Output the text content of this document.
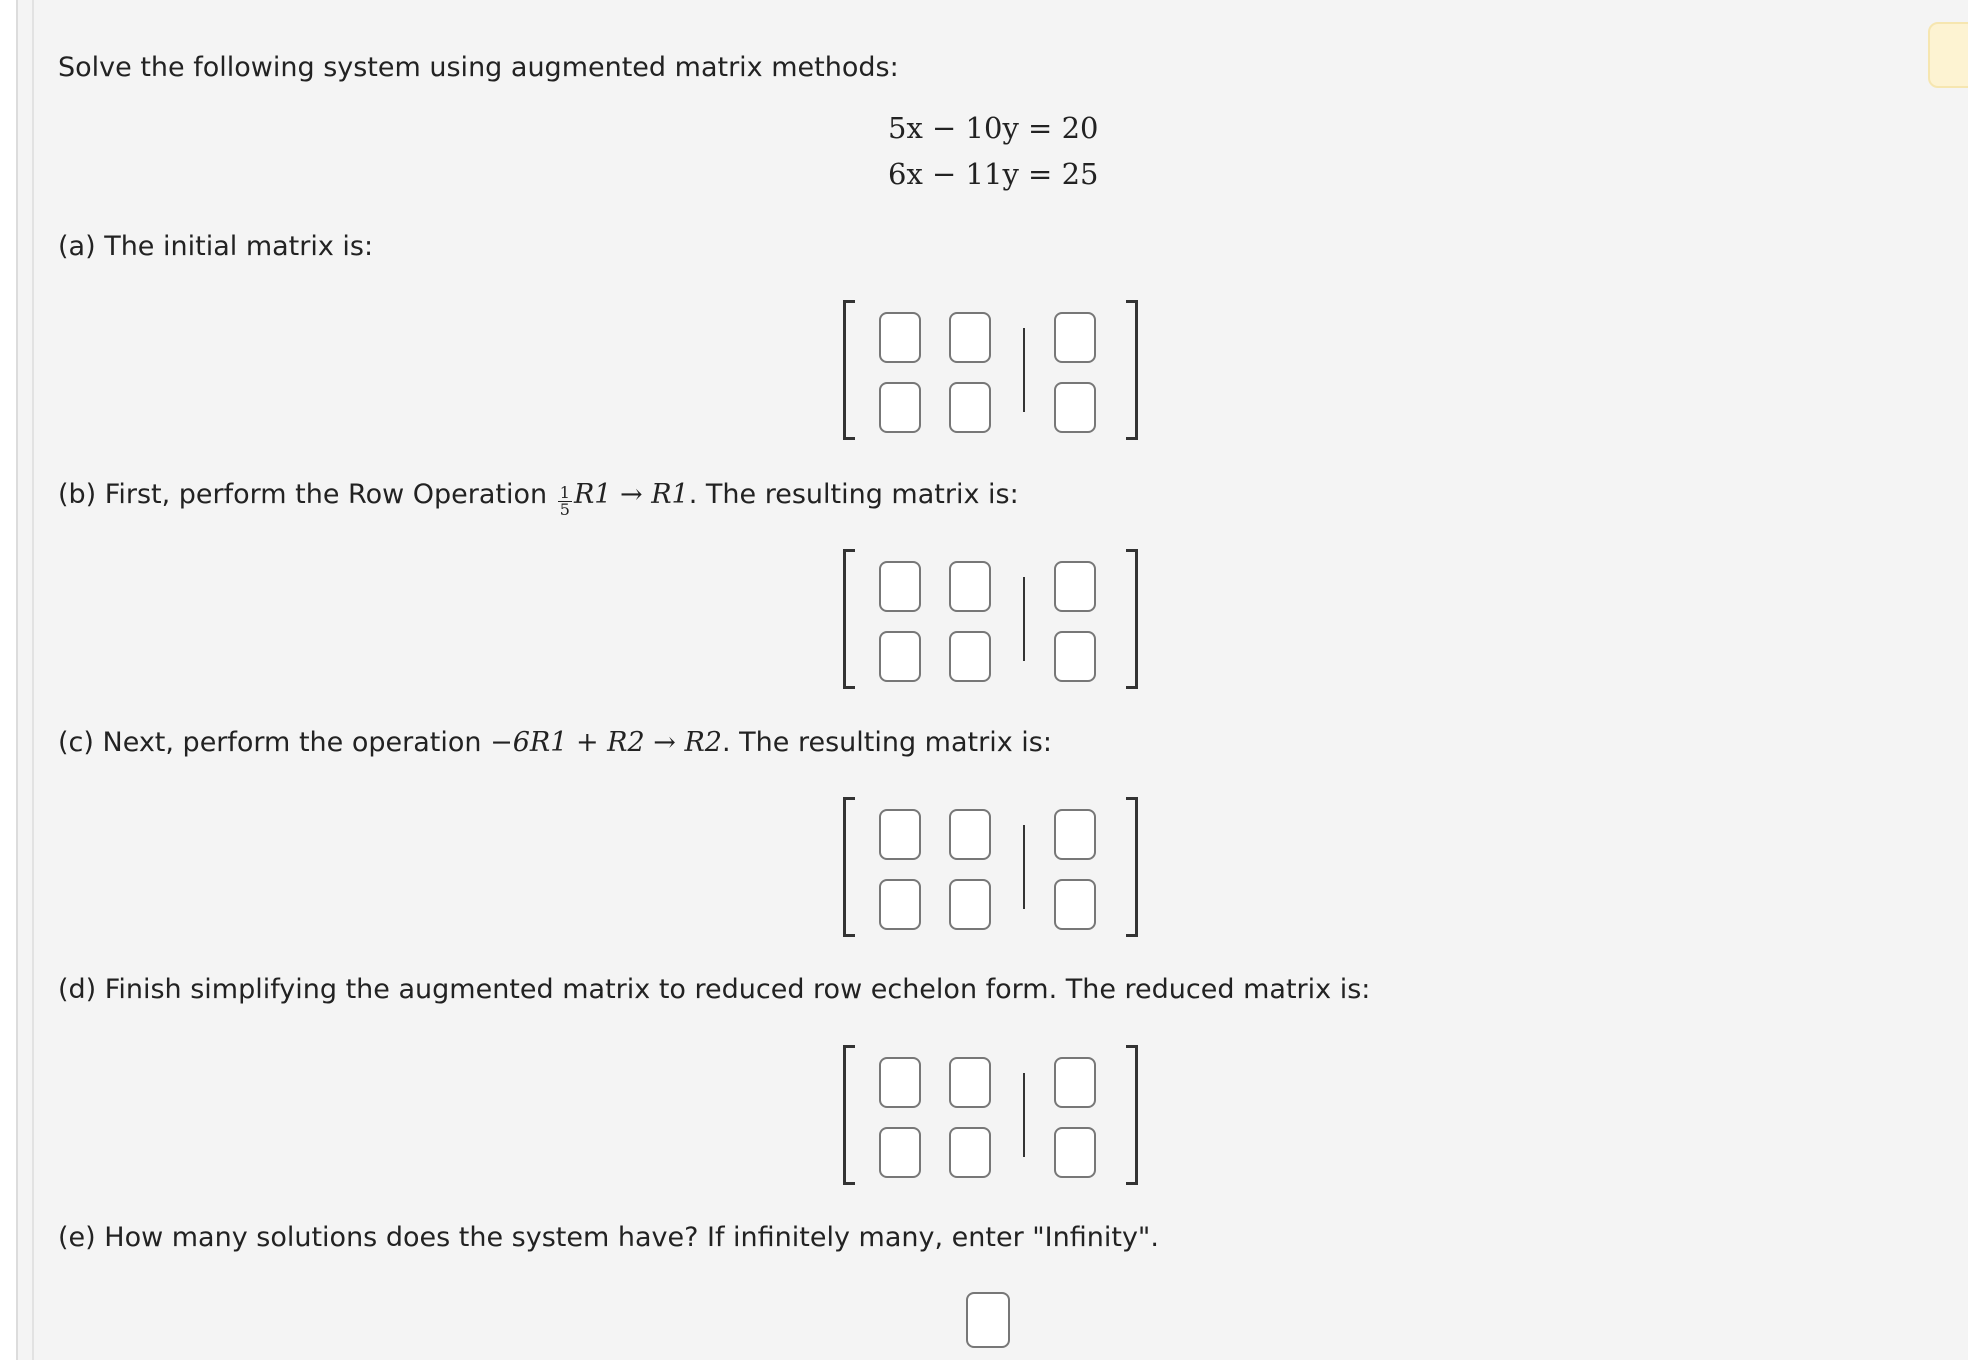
Solve the following system using augmented matrix methods:
5x − 10y = 20
6x − 11y = 25
(a) The initial matrix is:
(b) First, perform the Row Operation $\frac{1}{5} R1 \to R1$. The resulting matrix is:
(c) Next, perform the operation −6R1 + R2 → R2. The resulting matrix is:
(d) Finish simplifying the augmented matrix to reduced row echelon form. The reduced matrix is:
(e) How many solutions does the system have? If infinitely many, enter "Infinity".
